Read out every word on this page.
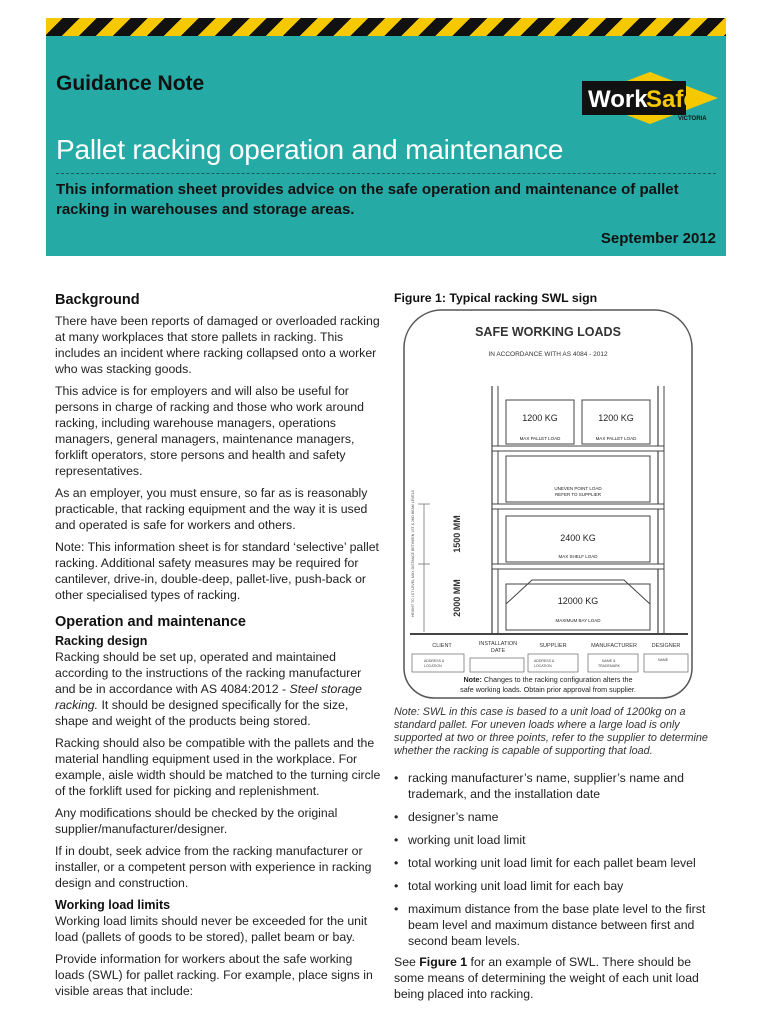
Guidance Note
Work
Safe
VICTORIA
Pallet racking operation and maintenance
This information sheet provides advice on the safe operation and maintenance of pallet racking in warehouses and storage areas.
September 2012
Background

There have been reports of damaged or overloaded racking at many workplaces that store pallets in racking. This includes an incident where racking collapsed onto a worker who was stacking goods.

This advice is for employers and will also be useful for persons in charge of racking and those who work around racking, including warehouse managers, operations managers, general managers, maintenance managers, forklift operators, store persons and health and safety representatives.

As an employer, you must ensure, so far as is reasonably practicable, that racking equipment and the way it is used and operated is safe for workers and others.

Note: This information sheet is for standard ‘selective’ pallet racking. Additional safety measures may be required for cantilever, drive-in, double-deep, pallet-live, push-back or other specialised types of racking.

Operation and maintenance
Racking design

Racking should be set up, operated and maintained according to the instructions of the racking manufacturer and be in accordance with AS 4084:2012 - Steel storage racking. It should be designed specifically for the size, shape and weight of the products being stored.

Racking should also be compatible with the pallets and the material handling equipment used in the workplace. For example, aisle width should be matched to the turning circle of the forklift used for picking and replenishment.

Any modifications should be checked by the original supplier/manufacturer/designer.

If in doubt, seek advice from the racking manufacturer or installer, or a competent person with experience in racking design and construction.

Working load limits

Working load limits should never be exceeded for the unit load (pallets of goods to be stored), pallet beam or bay.

Provide information for workers about the safe working loads (SWL) for pallet racking. For example, place signs in visible areas that include:

Figure 1: Typical racking SWL sign
SAFE WORKING LOADS
IN ACCORDANCE WITH AS 4084 - 2012
1200 KG
MAX PALLET LOAD
1200 KG
MAX PALLET LOAD
UNEVEN POINT LOAD
REFER TO SUPPLIER
2400 KG
MAX SHELF LOAD
12000 KG
MAXIMUM BAY LOAD
1500 MM
MAX DISTANCE BETWEEN 1ST & 2ND BEAM LEVELS
2000 MM
HEIGHT TO 1ST LEVEL
CLIENT	INSTALLATION
DATE
SUPPLIER	MANUFACTURER	DESIGNER
ADDRESS &
LOCATION
ADDRESS &
LOCATION
NAME &
TRADEMARK
NAME
Note: Changes to the racking configuration alters the
safe working loads. Obtain prior approval from supplier.
Note: SWL in this case is based to a unit load of 1200kg on a standard pallet. For uneven loads where a large load is only supported at two or three points, refer to the supplier to determine whether the racking is capable of supporting that load.
• racking manufacturer’s name, supplier’s name and trademark, and the installation date
• designer’s name
• working unit load limit
• total working unit load limit for each pallet beam level
• total working unit load limit for each bay
• maximum distance from the base plate level to the first beam level and maximum distance between first and second beam levels.
See Figure 1 for an example of SWL. There should be some means of determining the weight of each unit load being placed into racking.
